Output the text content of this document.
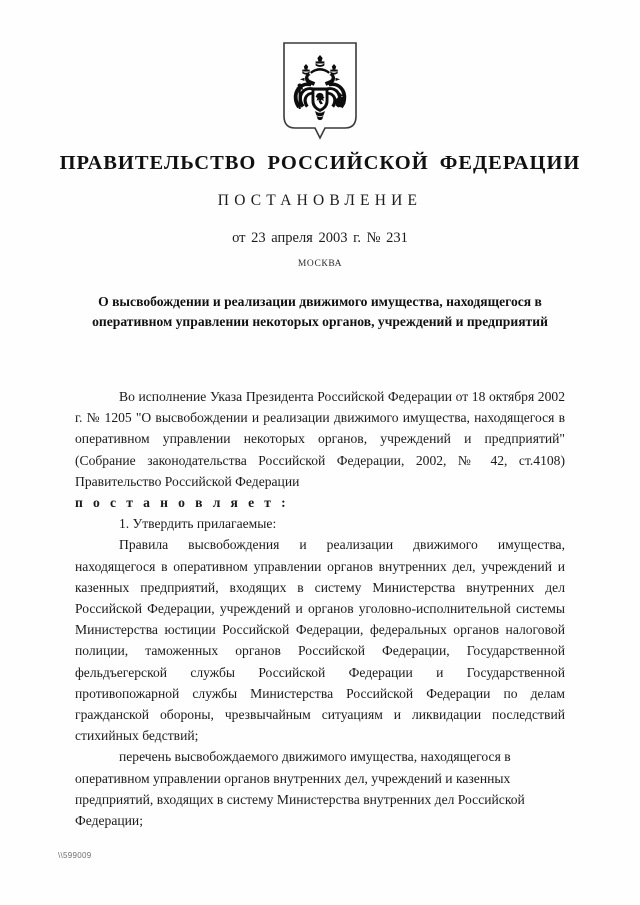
ПРАВИТЕЛЬСТВО РОССИЙСКОЙ ФЕДЕРАЦИИ
ПОСТАНОВЛЕНИЕ
от 23 апреля 2003 г. № 231
МОСКВА
О высвобождении и реализации движимого имущества, находящегося в оперативном управлении некоторых органов, учреждений и предприятий

Во исполнение Указа Президента Российской Федерации от 18 октября 2002 г. № 1205 "О высвобождении и реализации движимого имущества, находящегося в оперативном управлении некоторых органов, учреждений и предприятий" (Собрание законодательства Российской Федерации, 2002, № 42, ст.4108) Правительство Российской Федерации
п о с т а н о в л я е т :

1. Утвердить прилагаемые:

Правила высвобождения и реализации движимого имущества, находящегося в оперативном управлении органов внутренних дел, учреждений и казенных предприятий, входящих в систему Министерства внутренних дел Российской Федерации, учреждений и органов уголовно-исполнительной системы Министерства юстиции Российской Федерации, федеральных органов налоговой полиции, таможенных органов Российской Федерации, Государственной фельдъегерской службы Российской Федерации и Государственной противопожарной службы Министерства Российской Федерации по делам гражданской обороны, чрезвычайным ситуациям и ликвидации последствий стихийных бедствий;

перечень высвобождаемого движимого имущества, находящегося в оперативном управлении органов внутренних дел, учреждений и казенных предприятий, входящих в систему Министерства внутренних дел Российской Федерации;

\\599009
